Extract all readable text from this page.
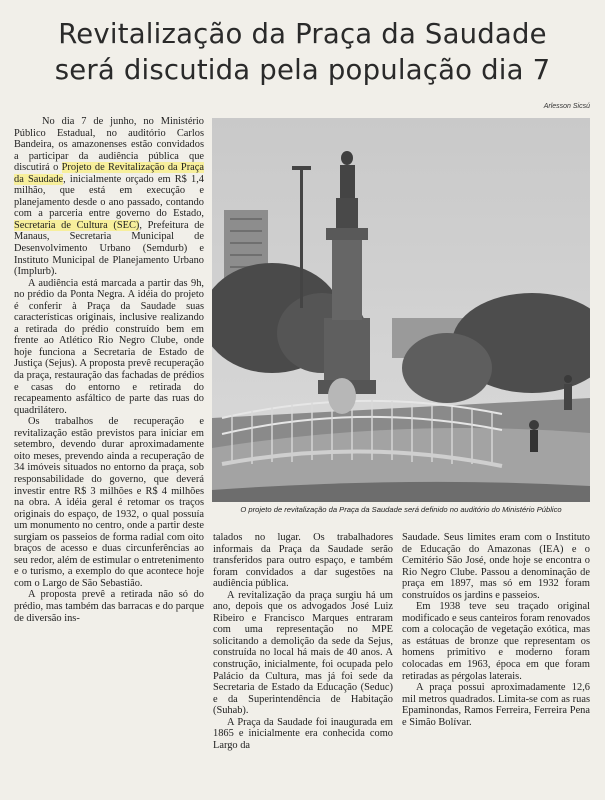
Revitalização da Praça da Saudade
será discutida pela população dia 7
Arlesson Sicsú

No dia 7 de junho, no Ministério Público Estadual, no auditório Carlos Bandeira, os amazonenses estão convidados a participar da audiência pública que discutirá o Projeto de Revitalização da Praça da Saudade, inicialmente orçado em R$ 1,4 milhão, que está em execução e planejamento desde o ano passado, contando com a parceria entre governo do Estado, Secretaria de Cultura (SEC), Prefeitura de Manaus, Secretaria Municipal de Desenvolvimento Urbano (Semdurb) e Instituto Municipal de Planejamento Urbano (Implurb).

A audiência está marcada a partir das 9h, no prédio da Ponta Negra. A idéia do projeto é conferir à Praça da Saudade suas características originais, inclusive realizando a retirada do prédio construído bem em frente ao Atlético Rio Negro Clube, onde hoje funciona a Secretaria de Estado de Justiça (Sejus). A proposta prevê recuperação da praça, restauração das fachadas de prédios e casas do entorno e retirada do recapeamento asfáltico de parte das ruas do quadrilátero.

Os trabalhos de recuperação e revitalização estão previstos para iniciar em setembro, devendo durar aproximadamente oito meses, prevendo ainda a recuperação de 34 imóveis situados no entorno da praça, sob responsabilidade do governo, que deverá investir entre R$ 3 milhões e R$ 4 milhões na obra. A idéia geral é retomar os traços originais do espaço, de 1932, o qual possuía um monumento no centro, onde a partir deste surgiam os passeios de forma radial com oito braços de acesso e duas circunferências ao seu redor, além de estimular o entretenimento e o turismo, a exemplo do que acontece hoje com o Largo de São Sebastião.

A proposta prevê a retirada não só do prédio, mas também das barracas e do parque de diversão ins-

O projeto de revitalização da Praça da Saudade será definido no auditório do Ministério Público

talados no lugar. Os trabalhadores informais da Praça da Saudade serão transferidos para outro espaço, e também foram convidados a dar sugestões na audiência pública.

A revitalização da praça surgiu há um ano, depois que os advogados José Luiz Ribeiro e Francisco Marques entraram com uma representação no MPE solicitando a demolição da sede da Sejus, construída no local há mais de 40 anos. A construção, inicialmente, foi ocupada pelo Palácio da Cultura, mas já foi sede da Secretaria de Estado da Educação (Seduc) e da Superintendência de Habitação (Suhab).

A Praça da Saudade foi inaugurada em 1865 e inicialmente era conhecida como Largo da

Saudade. Seus limites eram com o Instituto de Educação do Amazonas (IEA) e o Cemitério São José, onde hoje se encontra o Rio Negro Clube. Passou a denominação de praça em 1897, mas só em 1932 foram construídos os jardins e passeios.

Em 1938 teve seu traçado original modificado e seus canteiros foram renovados com a colocação de vegetação exótica, mas as estátuas de bronze que representam os homens primitivo e moderno foram colocadas em 1963, época em que foram retiradas as pérgolas laterais.

A praça possui aproximadamente 12,6 mil metros quadrados. Limita-se com as ruas Epaminondas, Ramos Ferreira, Ferreira Pena e Simão Bolívar.
